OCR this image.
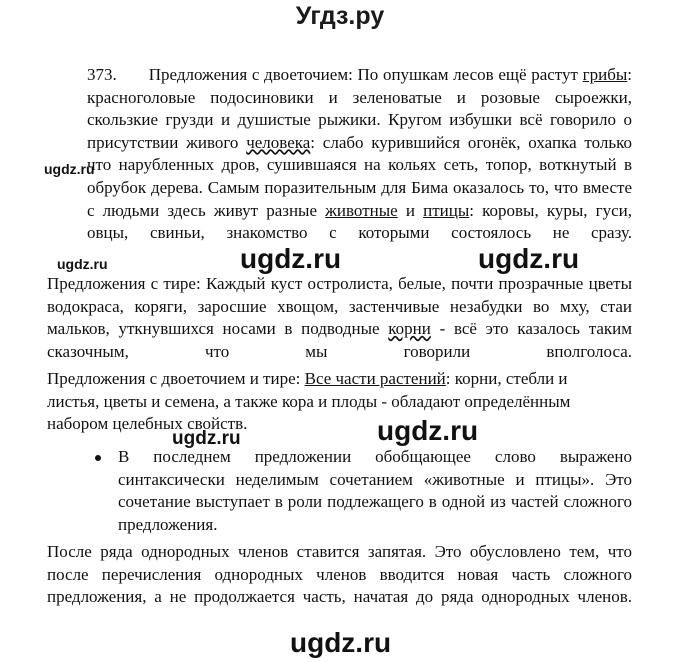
Угдз.ру

373. Предложения с двоеточием: По опушкам лесов ещё растут грибы: красноголовые подосиновики и зеленоватые и розовые сыроежки, скользкие грузди и душистые рыжики. Кругом избушки всё говорило о присутствии живого человека: слабо курившийся огонёк, охапка только что нарубленных дров, сушившаяся на кольях сеть, топор, воткнутый в обрубок дерева. Самым поразительным для Бима оказалось то, что вместе с людьми здесь живут разные животные и птицы: коровы, куры, гуси, овцы, свиньи, знакомство с которыми состоялось не сразу.

Предложения с тире: Каждый куст остролиста, белые, почти прозрачные цветы водокраса, коряги, заросшие хвощом, застенчивые незабудки во мху, стаи мальков, уткнувшихся носами в подводные корни - всё это казалось таким сказочным, что мы говорили вполголоса.

Предложения с двоеточием и тире: Все части растений: корни, стебли и
листья, цветы и семена, а также кора и плоды - обладают определённым
набором целебных свойств.

В последнем предложении обобщающее слово выражено синтаксически неделимым сочетанием «животные и птицы». Это сочетание выступает в роли подлежащего в одной из частей сложного предложения.

После ряда однородных членов ставится запятая. Это обусловлено тем, что после перечисления однородных членов вводится новая часть сложного предложения, а не продолжается часть, начатая до ряда однородных членов.

ugdz.ru
ugdz.ru	ugdz.ru	ugdz.ru
ugdz.ru	ugdz.ru
ugdz.ru
